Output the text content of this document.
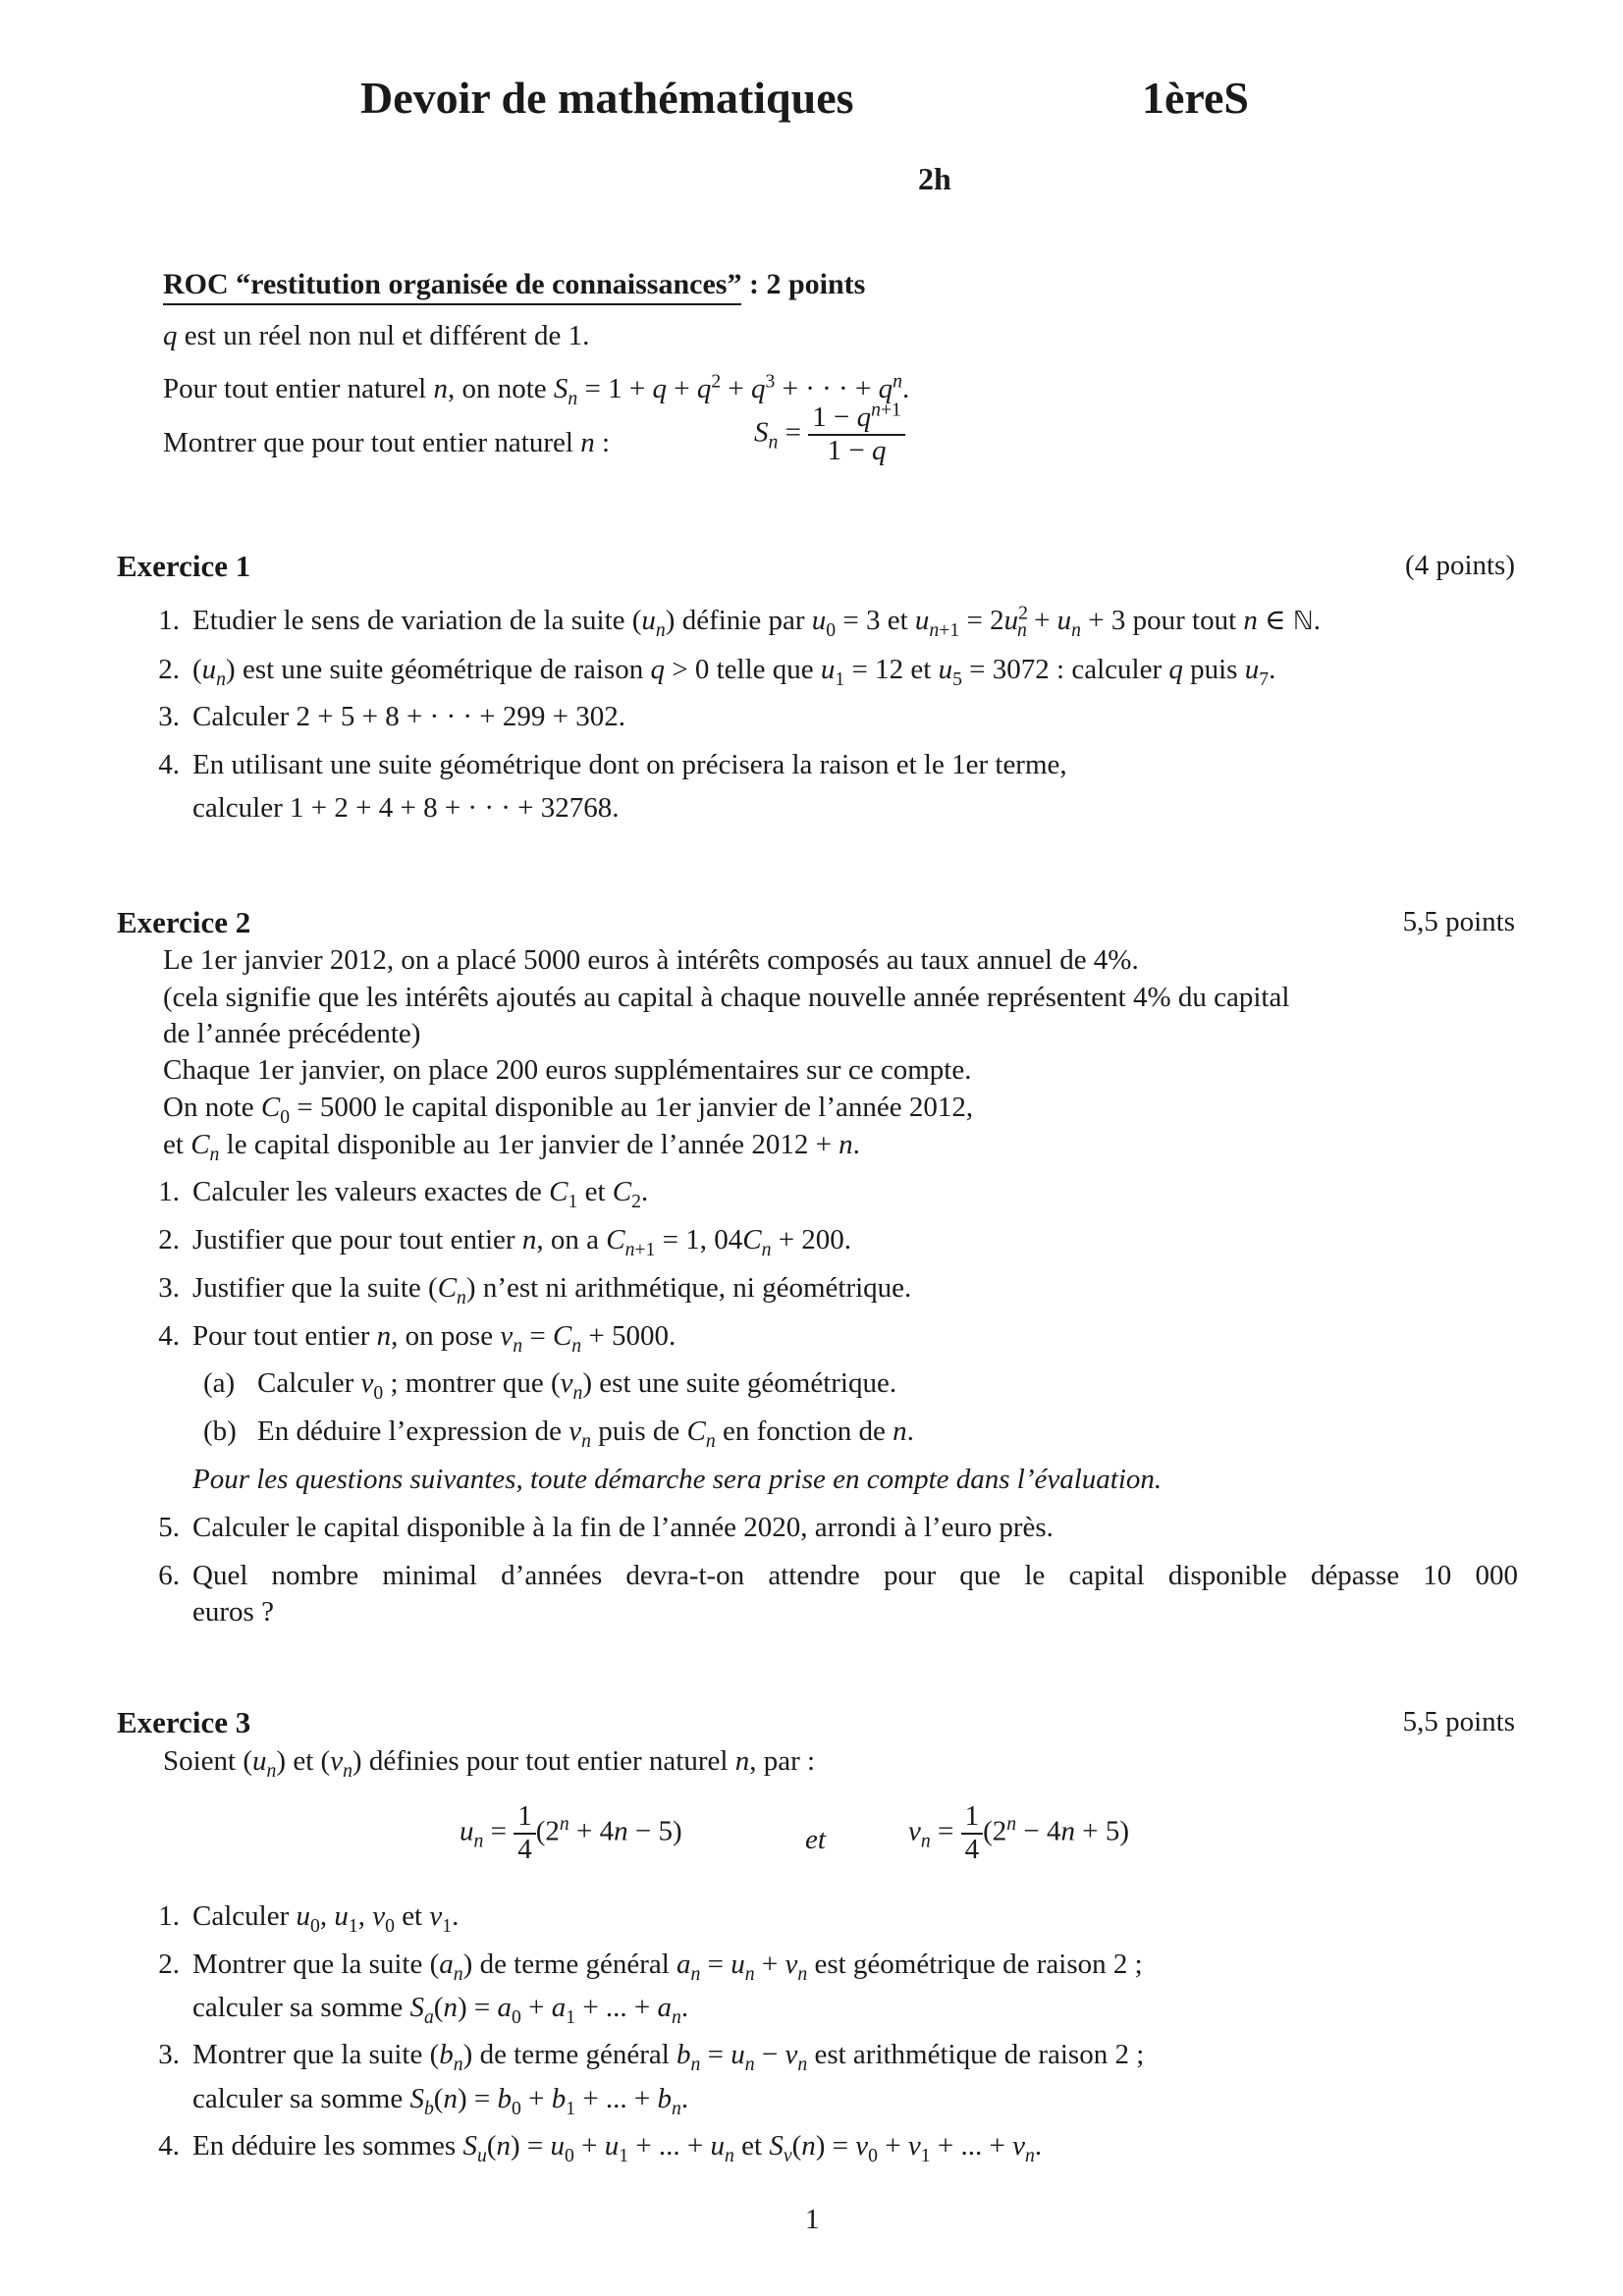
Devoir de mathématiques	1èreS
2h
ROC “restitution organisée de connaissances” : 2 points
q est un réel non nul et différent de 1.
Pour tout entier naturel n, on note $S_n = 1 + q + q^2 + q^3$ + · · · + $q^n$.
Montrer que pour tout entier naturel n :	$S_n = \frac{1 - q^{n+1}}{1 - q}$
Exercice 1	(4 points)
1. Etudier le sens de variation de la suite $(u_n)$ définie par $u_0 = 3$ et $u_{n+1} = 2u^2_n + u_n + 3$ pour tout n ∈ ℕ.
2. $(u_n)$ est une suite géométrique de raison q > 0 telle que $u_1 = 12$ et $u_5 = 3072$ : calculer q puis $u_7$.
3. Calculer 2 + 5 + 8 + · · · + 299 + 302.
4. En utilisant une suite géométrique dont on précisera la raison et le 1er terme,
calculer 1 + 2 + 4 + 8 + · · · + 32768.
Exercice 2	5,5 points
Le 1er janvier 2012, on a placé 5000 euros à intérêts composés au taux annuel de 4%.
(cela signifie que les intérêts ajoutés au capital à chaque nouvelle année représentent 4% du capital
de l’année précédente)
Chaque 1er janvier, on place 200 euros supplémentaires sur ce compte.
On note $C_0 = 5000$ le capital disponible au 1er janvier de l’année 2012,
et $C_n$ le capital disponible au 1er janvier de l’année 2012 + n.
1. Calculer les valeurs exactes de $C_1$ et $C_2$.
2. Justifier que pour tout entier n, on a $C_{n+1} = 1$, $04C_n + 200$.
3. Justifier que la suite $(C_n)$ n’est ni arithmétique, ni géométrique.
4. Pour tout entier n, on pose $v_n = C_n + 5000$.
(a) Calculer $v_0$ ; montrer que $(v_n)$ est une suite géométrique.
(b) En déduire l’expression de $v_n$ puis de $C_n$ en fonction de n.
Pour les questions suivantes, toute démarche sera prise en compte dans l’évaluation.
5. Calculer le capital disponible à la fin de l’année 2020, arrondi à l’euro près.
6. Quel nombre minimal d’années devra-t-on attendre pour que le capital disponible dépasse 10 000
euros ?
Exercice 3	5,5 points
Soient $(u_n)$ et $(v_n)$ définies pour tout entier naturel n, par :
$u_n = \frac{1}{4} (2^n + 4n - 5)$	et	$v_n = \frac{1}{4} (2^n - 4n + 5)$
1. Calculer $u_0$, $u_1$, $v_0$ et $v_1$.
2. Montrer que la suite $(a_n)$ de terme général $a_n = u_n + v_n$ est géométrique de raison 2 ;
calculer sa somme $S_a(n) = a_0 + a_1$ + ... + $a_n$.
3. Montrer que la suite $(b_n)$ de terme général $b_n = u_n - v_n$ est arithmétique de raison 2 ;
calculer sa somme $S_b(n) = b_0 + b_1$ + ... + $b_n$.
4. En déduire les sommes $S_u(n) = u_0 + u_1$ + ... + $u_n$ et $S_v(n) = v_0 + v_1$ + ... + $v_n$.
1
